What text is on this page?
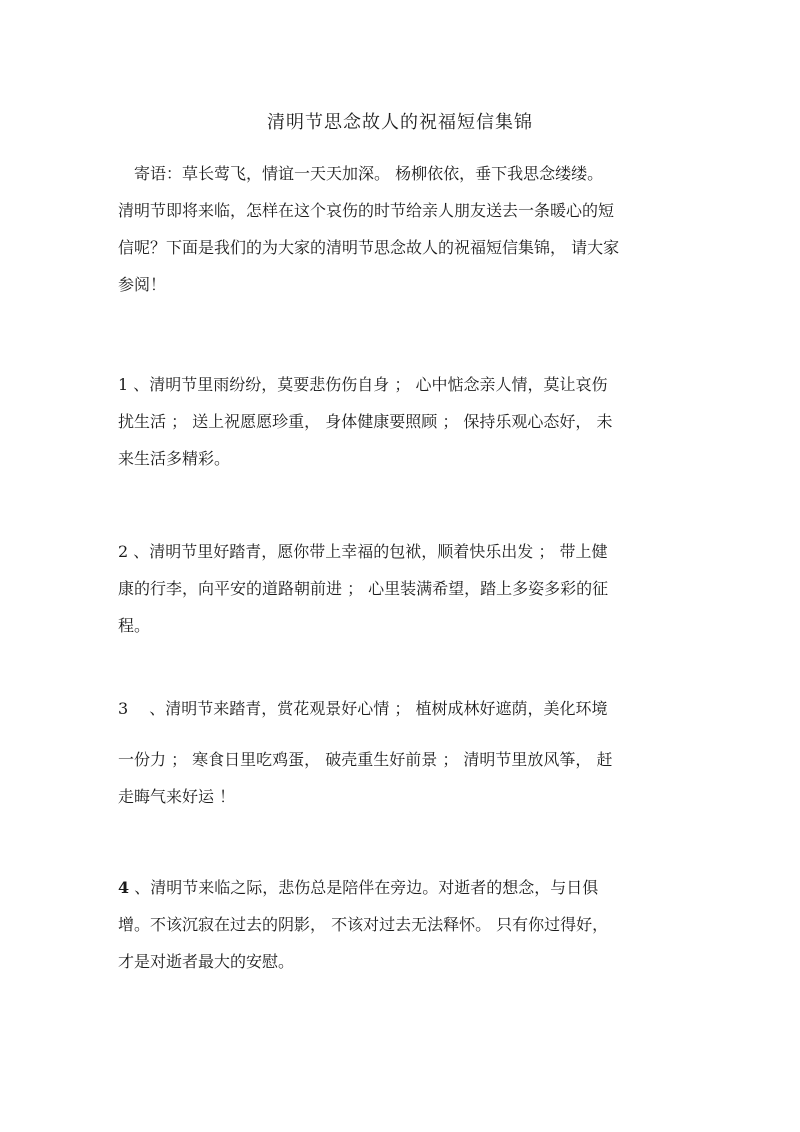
清明节思念故人的祝福短信集锦
　寄语：草长莺飞，情谊一天天加深。 杨柳依依，垂下我思念缕缕。
清明节即将来临，怎样在这个哀伤的时节给亲人朋友送去一条暖心的短
信呢？下面是我们的为大家的清明节思念故人的祝福短信集锦， 请大家
参阅！
1 、清明节里雨纷纷，莫要悲伤伤自身 ； 心中惦念亲人情，莫让哀伤
扰生活 ； 送上祝愿愿珍重， 身体健康要照顾 ； 保持乐观心态好， 未
来生活多精彩。
2 、清明节里好踏青，愿你带上幸福的包袱，顺着快乐出发 ； 带上健
康的行李，向平安的道路朝前进 ； 心里装满希望，踏上多姿多彩的征
程。
3 　、清明节来踏青，赏花观景好心情 ； 植树成林好遮荫，美化环境
一份力 ； 寒食日里吃鸡蛋， 破壳重生好前景 ； 清明节里放风筝， 赶
走晦气来好运 ！
4 、清明节来临之际，悲伤总是陪伴在旁边。对逝者的想念，与日俱
增。不该沉寂在过去的阴影， 不该对过去无法释怀。 只有你过得好，
才是对逝者最大的安慰。
